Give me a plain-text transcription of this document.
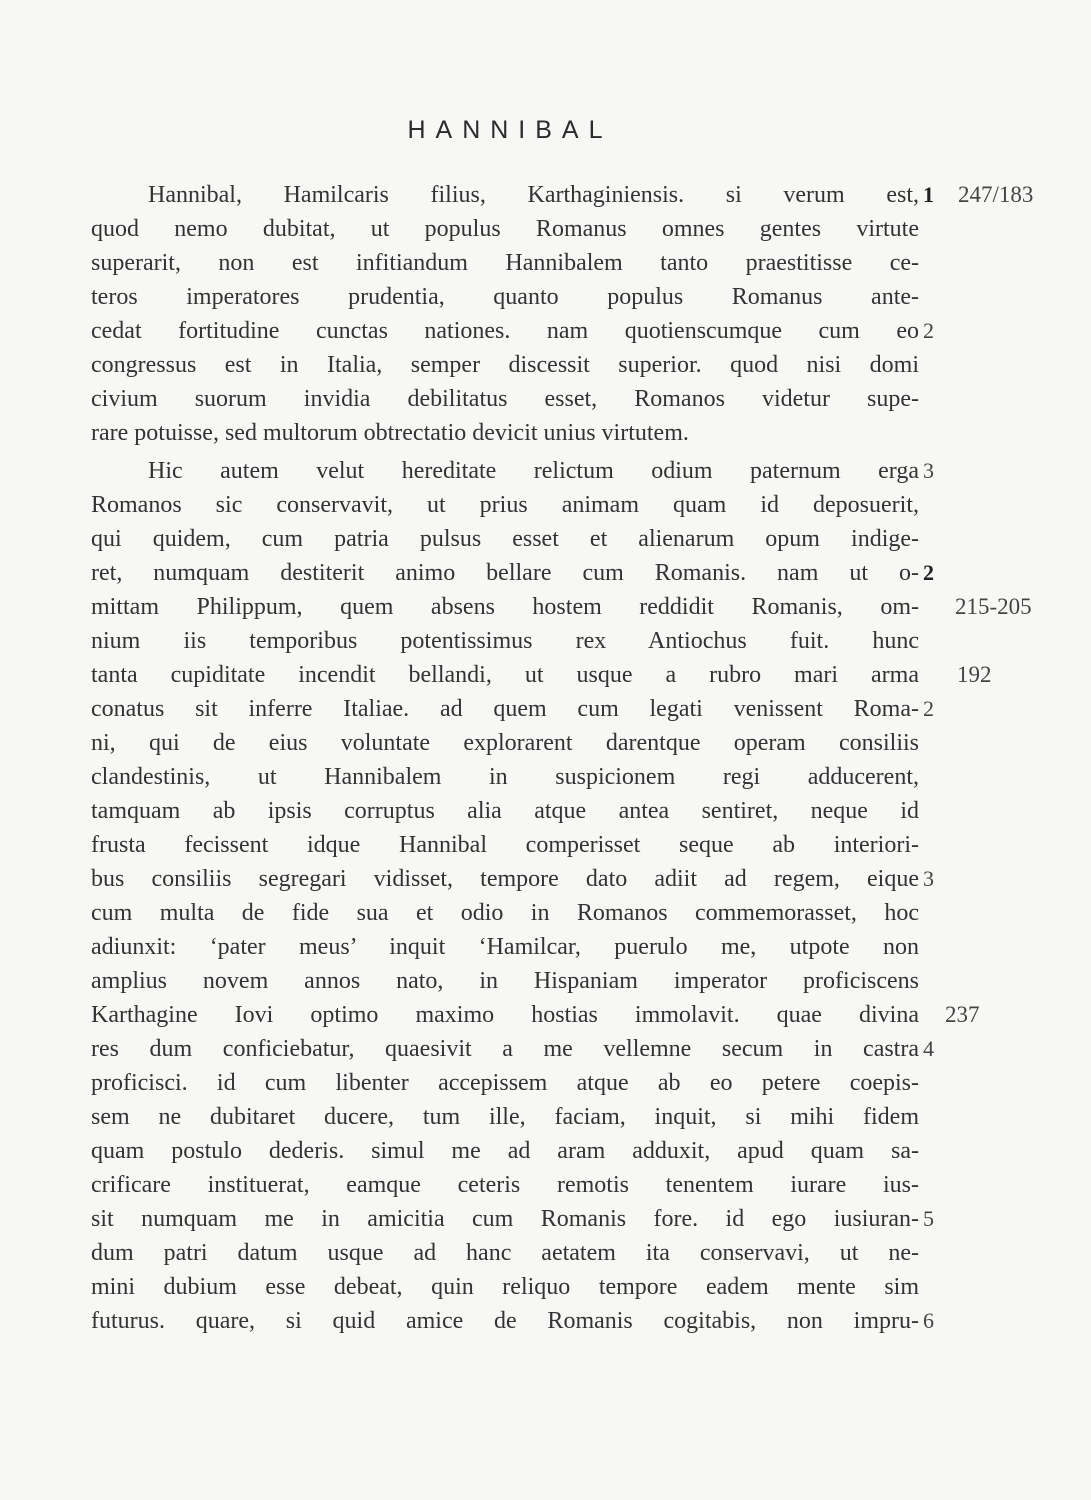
HANNIBAL
Hannibal, Hamilcaris filius, Karthaginiensis. si verum est,
quod nemo dubitat, ut populus Romanus omnes gentes virtute
superarit, non est infitiandum Hannibalem tanto praestitisse ce-
teros imperatores prudentia, quanto populus Romanus ante-
cedat fortitudine cunctas nationes. nam quotienscumque cum eo
congressus est in Italia, semper discessit superior. quod nisi domi
civium suorum invidia debilitatus esset, Romanos videtur supe-
rare potuisse, sed multorum obtrectatio devicit unius virtutem.
Hic autem velut hereditate relictum odium paternum erga
Romanos sic conservavit, ut prius animam quam id deposuerit,
qui quidem, cum patria pulsus esset et alienarum opum indige-
ret, numquam destiterit animo bellare cum Romanis. nam ut o-
mittam Philippum, quem absens hostem reddidit Romanis, om-
nium iis temporibus potentissimus rex Antiochus fuit. hunc
tanta cupiditate incendit bellandi, ut usque a rubro mari arma
conatus sit inferre Italiae. ad quem cum legati venissent Roma-
ni, qui de eius voluntate explorarent darentque operam consiliis
clandestinis, ut Hannibalem in suspicionem regi adducerent,
tamquam ab ipsis corruptus alia atque antea sentiret, neque id
frusta fecissent idque Hannibal comperisset seque ab interiori-
bus consiliis segregari vidisset, tempore dato adiit ad regem, eique
cum multa de fide sua et odio in Romanos commemorasset, hoc
adiunxit: ‘pater meus’ inquit ‘Hamilcar, puerulo me, utpote non
amplius novem annos nato, in Hispaniam imperator proficiscens
Karthagine Iovi optimo maximo hostias immolavit. quae divina
res dum conficiebatur, quaesivit a me vellemne secum in castra
proficisci. id cum libenter accepissem atque ab eo petere coepis-
sem ne dubitaret ducere, tum ille, faciam, inquit, si mihi fidem
quam postulo dederis. simul me ad aram adduxit, apud quam sa-
crificare instituerat, eamque ceteris remotis tenentem iurare ius-
sit numquam me in amicitia cum Romanis fore. id ego iusiuran-
dum patri datum usque ad hanc aetatem ita conservavi, ut ne-
mini dubium esse debeat, quin reliquo tempore eadem mente sim
futurus. quare, si quid amice de Romanis cogitabis, non impru-
1
2
3
2
2
3
4
5
6
247/183
215-205
192
237
